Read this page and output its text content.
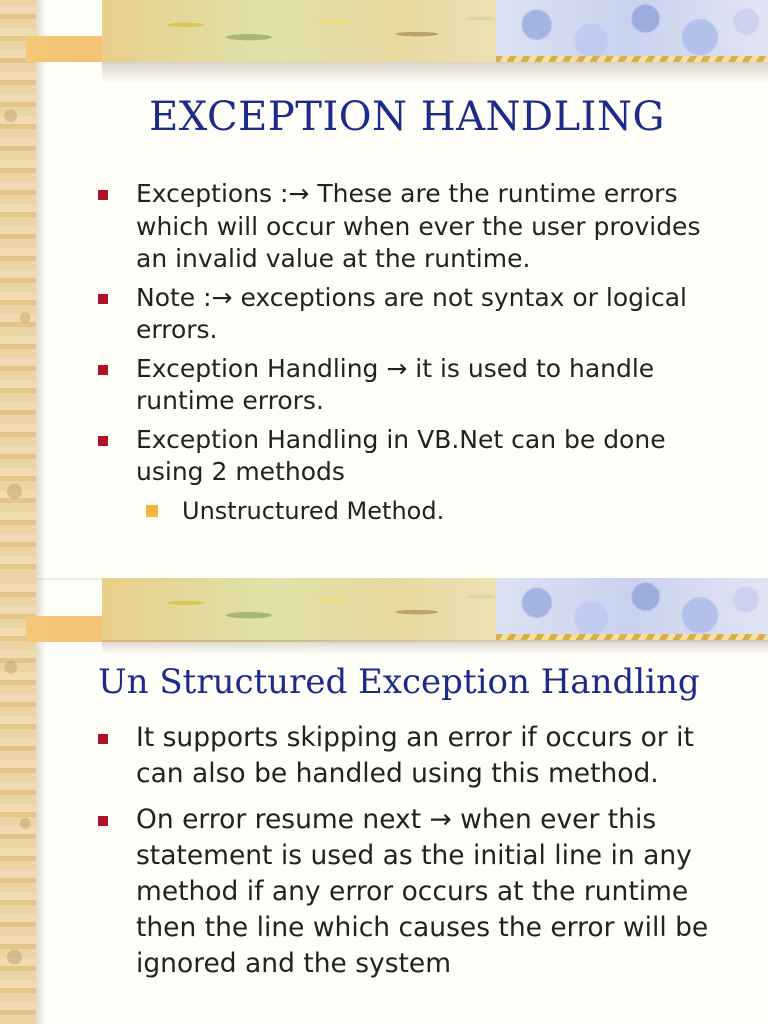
EXCEPTION HANDLING
Exceptions :→ These are the runtime errors which will occur when ever the user provides an invalid value at the runtime.
Note :→ exceptions are not syntax or logical errors.
Exception Handling → it is used to handle runtime errors.
Exception Handling in VB.Net can be done using 2 methods
Unstructured Method.
Un Structured Exception Handling
It supports skipping an error if occurs or it can also be handled using this method.
On error resume next → when ever this statement is used as the initial line in any method if any error occurs at the runtime then the line which causes the error will be ignored and the system
